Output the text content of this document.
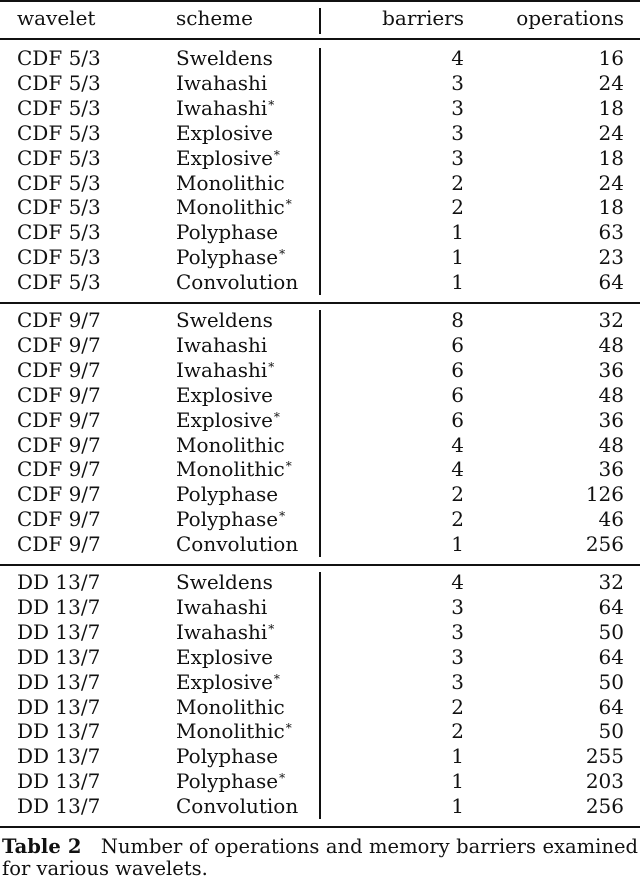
wavelet	scheme	barriers	operations
CDF 5/3	Sweldens	4	16
CDF 5/3	Iwahashi	3	24
CDF 5/3	Iwahashi*	3	18
CDF 5/3	Explosive	3	24
CDF 5/3	Explosive*	3	18
CDF 5/3	Monolithic	2	24
CDF 5/3	Monolithic*	2	18
CDF 5/3	Polyphase	1	63
CDF 5/3	Polyphase*	1	23
CDF 5/3	Convolution	1	64
CDF 9/7	Sweldens	8	32
CDF 9/7	Iwahashi	6	48
CDF 9/7	Iwahashi*	6	36
CDF 9/7	Explosive	6	48
CDF 9/7	Explosive*	6	36
CDF 9/7	Monolithic	4	48
CDF 9/7	Monolithic*	4	36
CDF 9/7	Polyphase	2	126
CDF 9/7	Polyphase*	2	46
CDF 9/7	Convolution	1	256
DD 13/7	Sweldens	4	32
DD 13/7	Iwahashi	3	64
DD 13/7	Iwahashi*	3	50
DD 13/7	Explosive	3	64
DD 13/7	Explosive*	3	50
DD 13/7	Monolithic	2	64
DD 13/7	Monolithic*	2	50
DD 13/7	Polyphase	1	255
DD 13/7	Polyphase*	1	203
DD 13/7	Convolution	1	256
Table 2 Number of operations and memory barriers examined for various wavelets.
